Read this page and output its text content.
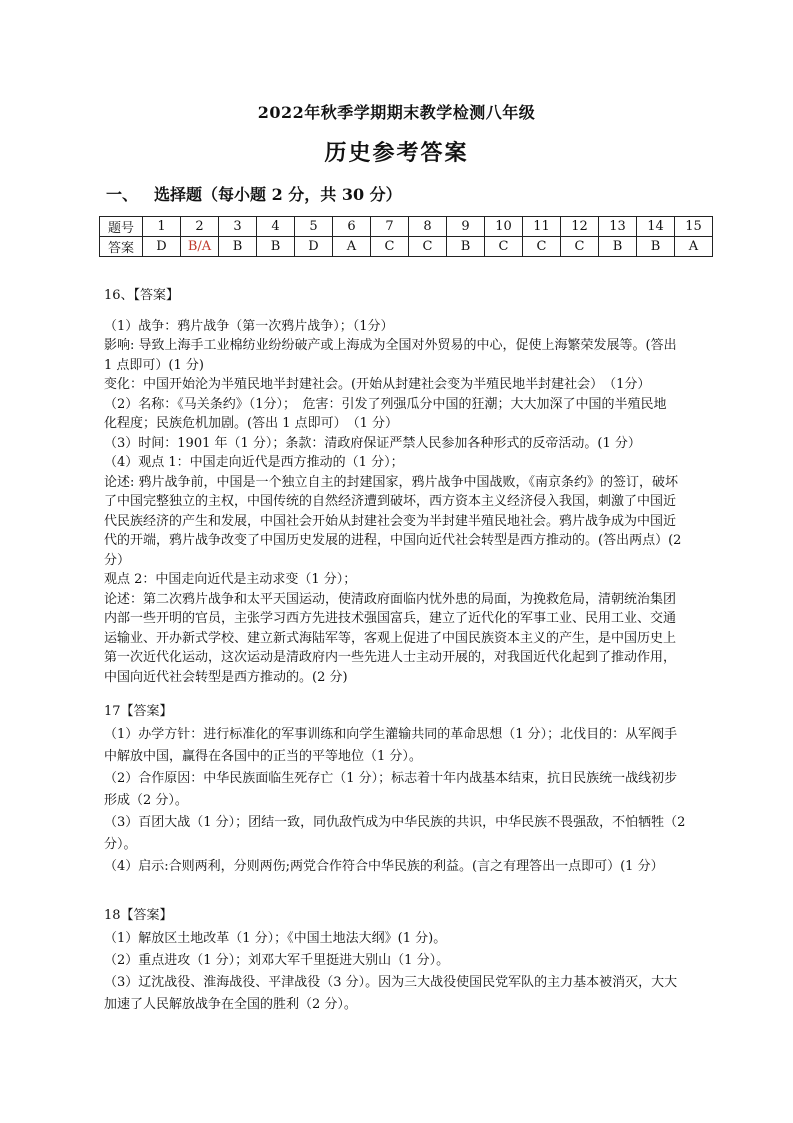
2022年秋季学期期末教学检测八年级
历史参考答案
一、 选择题（每小题 2 分，共 30 分）
题号	1	2	3	4	5	6	7	8	9	10	11	12	13	14	15
答案	D	B/A	B	B	D	A	C	C	B	C	C	C	B	B	A

16、【答案】

（1）战争：鸦片战争（第一次鸦片战争）；（1分）

影响: 导致上海手工业棉纺业纷纷破产或上海成为全国对外贸易的中心，促使上海繁荣发展等。(答出

1 点即可）(1 分)

变化：中国开始沦为半殖民地半封建社会。(开始从封建社会变为半殖民地半封建社会）　（1分）

（2）名称：《马关条约》（1分）；　危害：引发了列强瓜分中国的狂潮；大大加深了中国的半殖民地

化程度；民族危机加剧。(答出 1 点即可）　（1 分）

（3）时间：1901 年（1 分）；条款：清政府保证严禁人民参加各种形式的反帝活动。(1 分）

（4）观点 1：中国走向近代是西方推动的（1 分）；

论述: 鸦片战争前，中国是一个独立自主的封建国家，鸦片战争中国战败，《南京条约》的签订，破坏

了中国完整独立的主权，中国传统的自然经济遭到破坏，西方资本主义经济侵入我国，刺激了中国近

代民族经济的产生和发展，中国社会开始从封建社会变为半封建半殖民地社会。鸦片战争成为中国近

代的开端，鸦片战争改变了中国历史发展的进程，中国向近代社会转型是西方推动的。(答出两点）(2

分）

观点 2：中国走向近代是主动求变（1 分）；

论述：第二次鸦片战争和太平天国运动，使清政府面临内忧外患的局面，为挽救危局，清朝统治集团

内部一些开明的官员，主张学习西方先进技术强国富兵，建立了近代化的军事工业、民用工业、交通

运输业、开办新式学校、建立新式海陆军等，客观上促进了中国民族资本主义的产生，是中国历史上

第一次近代化运动，这次运动是清政府内一些先进人士主动开展的，对我国近代化起到了推动作用，

中国向近代社会转型是西方推动的。(2 分)

17【答案】

（1）办学方针：进行标准化的军事训练和向学生灌输共同的革命思想（1 分）；北伐目的：从军阀手

中解放中国，赢得在各国中的正当的平等地位（1 分）。

（2）合作原因：中华民族面临生死存亡（1 分）；标志着十年内战基本结束，抗日民族统一战线初步

形成（2 分）。

（3）百团大战（1 分）；团结一致，同仇敌忾成为中华民族的共识，中华民族不畏强敌，不怕牺牲（2

分）。

（4）启示:合则两利，分则两伤;两党合作符合中华民族的利益。(言之有理答出一点即可）(1 分）

18【答案】

（1）解放区土地改革（1 分）；《中国土地法大纲》(1 分)。

（2）重点进攻（1 分）；刘邓大军千里挺进大别山（1 分）。

（3）辽沈战役、淮海战役、平津战役（3 分）。因为三大战役使国民党军队的主力基本被消灭，大大

加速了人民解放战争在全国的胜利（2 分）。
